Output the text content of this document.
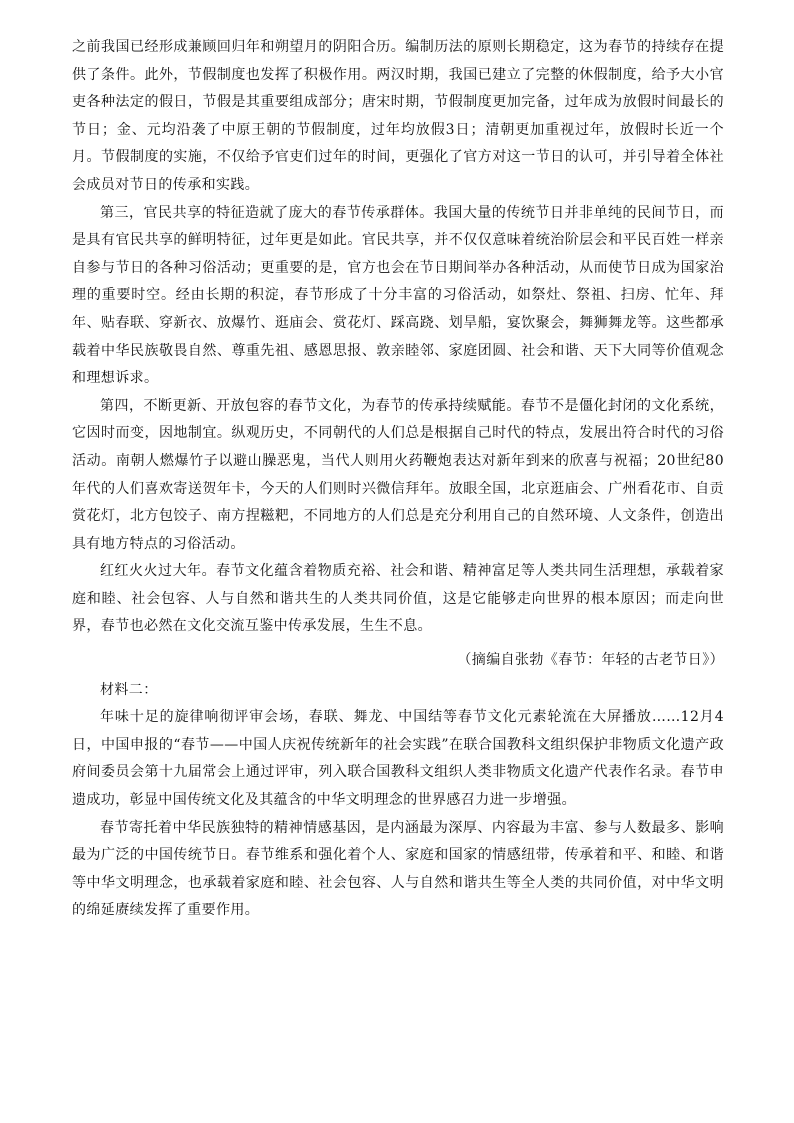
之前我国已经形成兼顾回归年和朔望月的阴阳合历。编制历法的原则长期稳定，这为春节的持续存在提供了条件。此外，节假制度也发挥了积极作用。两汉时期，我国已建立了完整的休假制度，给予大小官吏各种法定的假日，节假是其重要组成部分；唐宋时期，节假制度更加完备，过年成为放假时间最长的节日；金、元均沿袭了中原王朝的节假制度，过年均放假3日；清朝更加重视过年，放假时长近一个月。节假制度的实施，不仅给予官吏们过年的时间，更强化了官方对这一节日的认可，并引导着全体社会成员对节日的传承和实践。

第三，官民共享的特征造就了庞大的春节传承群体。我国大量的传统节日并非单纯的民间节日，而是具有官民共享的鲜明特征，过年更是如此。官民共享，并不仅仅意味着统治阶层会和平民百姓一样亲自参与节日的各种习俗活动；更重要的是，官方也会在节日期间举办各种活动，从而使节日成为国家治理的重要时空。经由长期的积淀，春节形成了十分丰富的习俗活动，如祭灶、祭祖、扫房、忙年、拜年、贴春联、穿新衣、放爆竹、逛庙会、赏花灯、踩高跷、划旱船，宴饮聚会，舞狮舞龙等。这些都承载着中华民族敬畏自然、尊重先祖、感恩思报、敦亲睦邻、家庭团圆、社会和谐、天下大同等价值观念和理想诉求。

第四，不断更新、开放包容的春节文化，为春节的传承持续赋能。春节不是僵化封闭的文化系统，它因时而变，因地制宜。纵观历史，不同朝代的人们总是根据自己时代的特点，发展出符合时代的习俗活动。南朝人燃爆竹子以避山臊恶鬼，当代人则用火药鞭炮表达对新年到来的欣喜与祝福；20世纪80年代的人们喜欢寄送贺年卡，今天的人们则时兴微信拜年。放眼全国，北京逛庙会、广州看花市、自贡赏花灯，北方包饺子、南方捏糍粑，不同地方的人们总是充分利用自己的自然环境、人文条件，创造出具有地方特点的习俗活动。

红红火火过大年。春节文化蕴含着物质充裕、社会和谐、精神富足等人类共同生活理想，承载着家庭和睦、社会包容、人与自然和谐共生的人类共同价值，这是它能够走向世界的根本原因；而走向世界，春节也必然在文化交流互鉴中传承发展，生生不息。

（摘编自张勃《春节：年轻的古老节日》）

材料二：

年味十足的旋律响彻评审会场，春联、舞龙、中国结等春节文化元素轮流在大屏播放……12月4日，中国申报的“春节——中国人庆祝传统新年的社会实践”在联合国教科文组织保护非物质文化遗产政府间委员会第十九届常会上通过评审，列入联合国教科文组织人类非物质文化遗产代表作名录。春节申遗成功，彰显中国传统文化及其蕴含的中华文明理念的世界感召力进一步增强。

春节寄托着中华民族独特的精神情感基因，是内涵最为深厚、内容最为丰富、参与人数最多、影响最为广泛的中国传统节日。春节维系和强化着个人、家庭和国家的情感纽带，传承着和平、和睦、和谐等中华文明理念，也承载着家庭和睦、社会包容、人与自然和谐共生等全人类的共同价值，对中华文明的绵延赓续发挥了重要作用。
